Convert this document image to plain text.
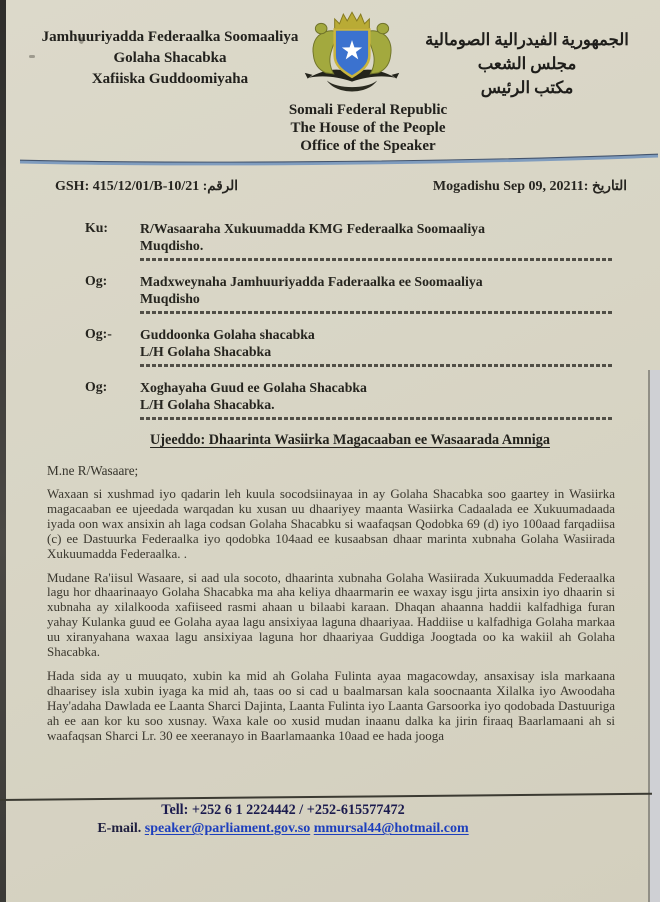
Jamhuuriyadda Federaalka Soomaaliya
Golaha Shacabka
Xafiiska Guddoomiyaha
الجمهورية الفيدرالية الصومالية
مجلس الشعب
مكتب الرئيس
Somali Federal Republic
The House of the People
Office of the Speaker
GSH: 415/12/01/B-10/21 الرقم:	Mogadishu Sep 09, 20211: التاريخ
Ku:	R/Wasaaraha Xukuumadda KMG Federaalka Soomaaliya
Muqdisho.
Og:	Madxweynaha Jamhuuriyadda Faderaalka ee Soomaaliya
Muqdisho
Og:-	Guddoonka Golaha shacabka
L/H Golaha Shacabka
Og:	Xoghayaha Guud ee Golaha Shacabka
L/H Golaha Shacabka.
Ujeeddo: Dhaarinta Wasiirka Magacaaban ee Wasaarada Amniga
M.ne R/Wasaare;

Waxaan si xushmad iyo qadarin leh kuula socodsiinayaa in ay Golaha Shacabka soo gaartey in Wasiirka magacaaban ee ujeedada warqadan ku xusan uu dhaariyey maanta Wasiirka Cadaalada ee Xukuumadaada iyada oon wax ansixin ah laga codsan Golaha Shacabku si waafaqsan Qodobka 69 (d) iyo 100aad farqadiisa (c) ee Dastuurka Federaalka iyo qodobka 104aad ee kusaabsan dhaar marinta xubnaha Golaha Wasiirada Xukuumadda Federaalka. .

Mudane Ra'iisul Wasaare, si aad ula socoto, dhaarinta xubnaha Golaha Wasiirada Xukuumadda Federaalka lagu hor dhaarinaayo Golaha Shacabka ma aha keliya dhaarmarin ee waxay isgu jirta ansixin iyo dhaarin si xubnaha ay xilalkooda xafiiseed rasmi ahaan u bilaabi karaan. Dhaqan ahaanna haddii kalfadhiga furan yahay Kulanka guud ee Golaha ayaa lagu ansixiyaa laguna dhaariyaa. Haddiise u kalfadhiga Golaha markaa uu xiranyahana waxaa lagu ansixiyaa laguna hor dhaariyaa Guddiga Joogtada oo ka wakiil ah Golaha Shacabka.

Hada sida ay u muuqato, xubin ka mid ah Golaha Fulinta ayaa magacowday, ansaxisay isla markaana dhaarisey isla xubin iyaga ka mid ah, taas oo si cad u baalmarsan kala soocnaanta Xilalka iyo Awoodaha Hay'adaha Dawlada ee Laanta Sharci Dajinta, Laanta Fulinta iyo Laanta Garsoorka iyo qodobada Dastuuriga ah ee aan kor ku soo xusnay. Waxa kale oo xusid mudan inaanu dalka ka jirin firaaq Baarlamaani ah si waafaqsan Sharci Lr. 30 ee xeeranayo in Baarlamaanka 10aad ee hada jooga

Tell: +252 6 1 2224442 / +252-615577472
E-mail. speaker@parliament.gov.so mmursal44@hotmail.com
